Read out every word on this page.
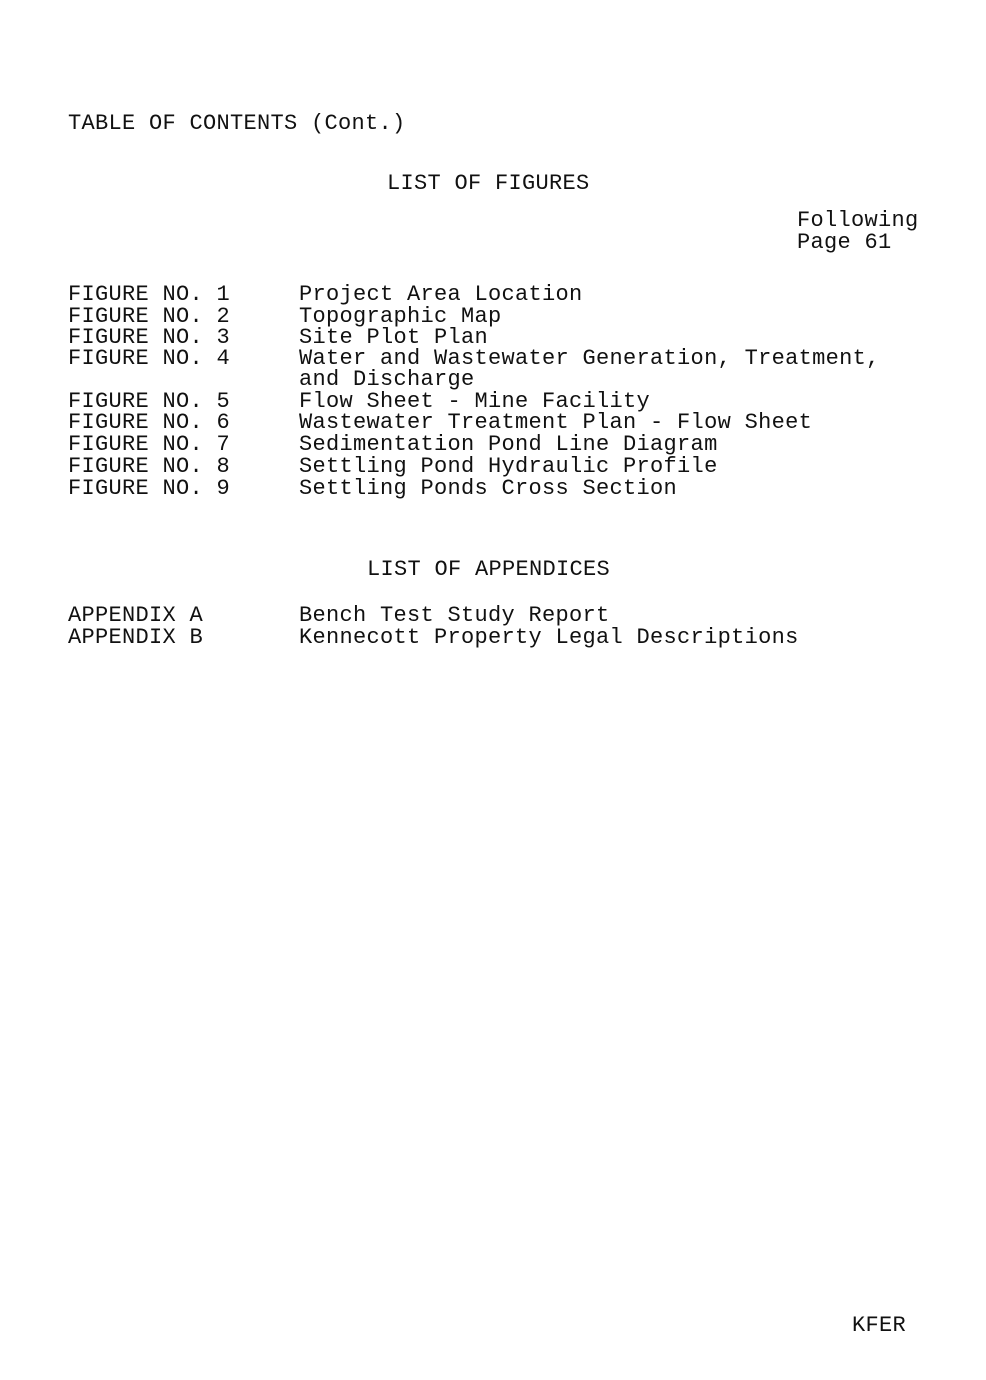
TABLE OF CONTENTS (Cont.)
LIST OF FIGURES
Following
Page 61
FIGURE NO. 1	Project Area Location
FIGURE NO. 2	Topographic Map
FIGURE NO. 3	Site Plot Plan
FIGURE NO. 4	Water and Wastewater Generation, Treatment,
and Discharge
FIGURE NO. 5	Flow Sheet - Mine Facility
FIGURE NO. 6	Wastewater Treatment Plan - Flow Sheet
FIGURE NO. 7	Sedimentation Pond Line Diagram
FIGURE NO. 8	Settling Pond Hydraulic Profile
FIGURE NO. 9	Settling Ponds Cross Section
LIST OF APPENDICES
APPENDIX A	Bench Test Study Report
APPENDIX B	Kennecott Property Legal Descriptions
KFER
